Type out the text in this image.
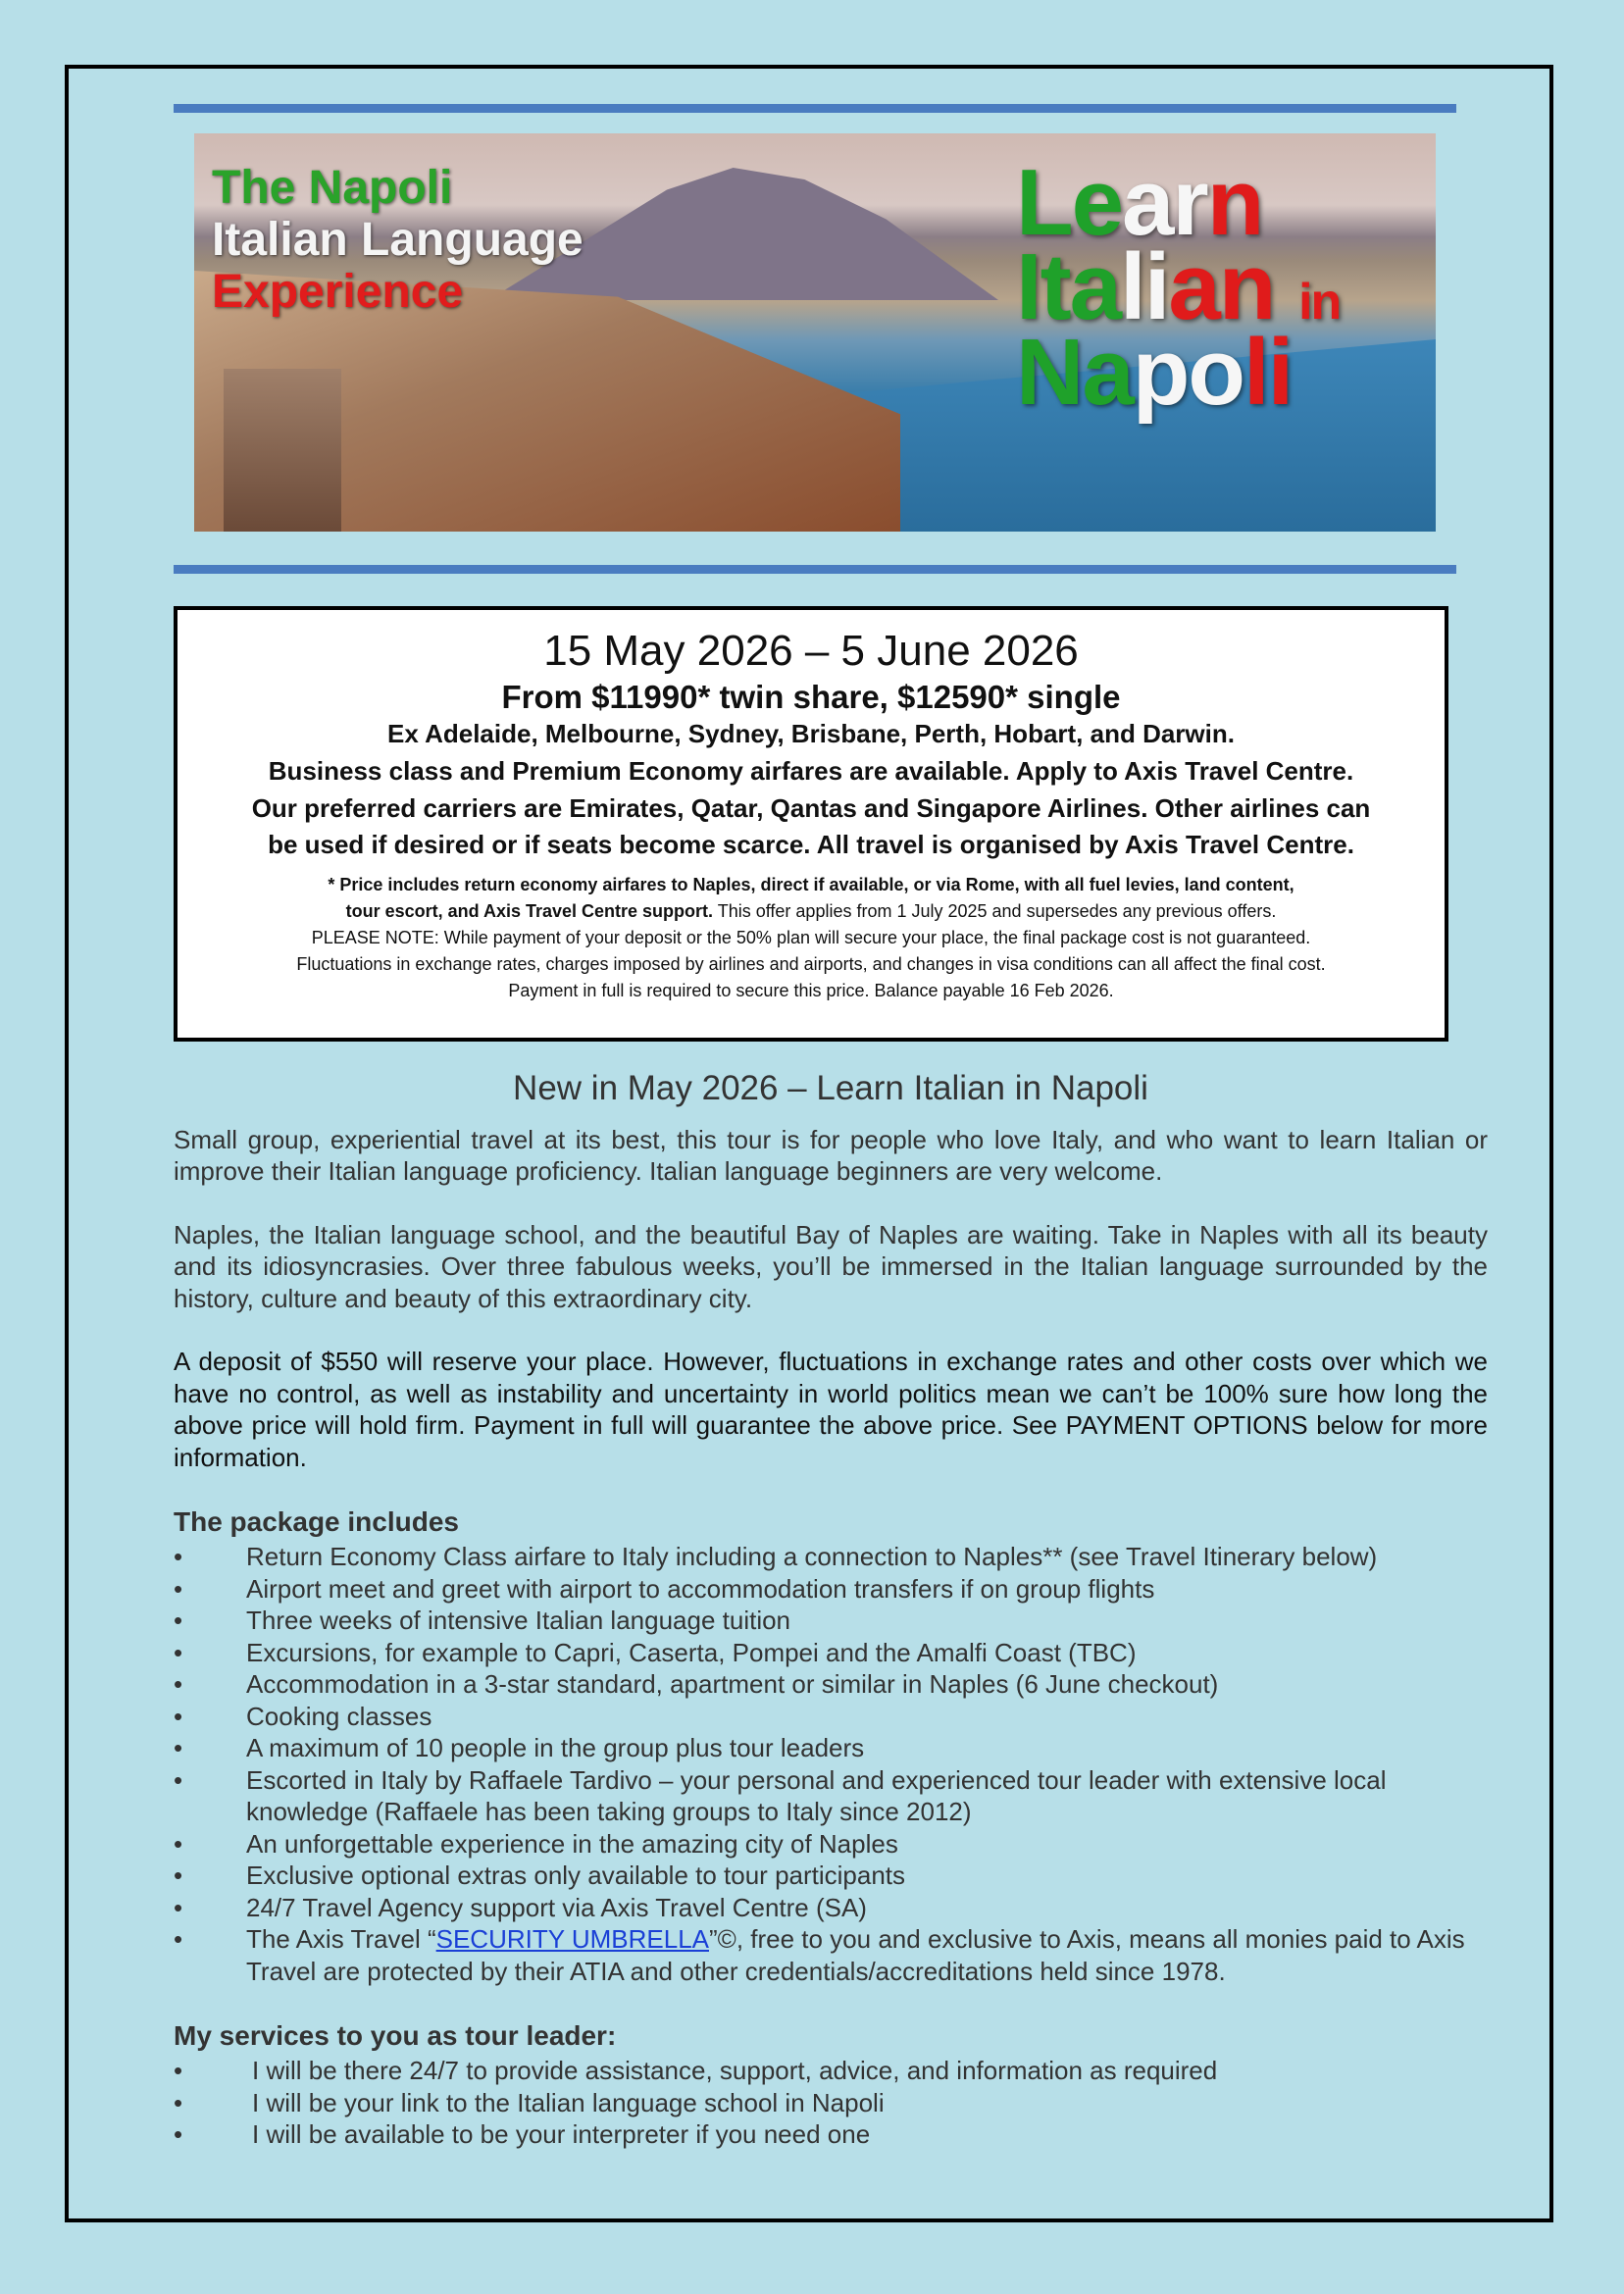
The Napoli
Italian Language
Experience
Learn
Italian in
Napoli
15 May 2026 – 5 June 2026
From $11990* twin share, $12590* single
Ex Adelaide, Melbourne, Sydney, Brisbane, Perth, Hobart, and Darwin.
Business class and Premium Economy airfares are available. Apply to Axis Travel Centre.
Our preferred carriers are Emirates, Qatar, Qantas and Singapore Airlines. Other airlines can
be used if desired or if seats become scarce. All travel is organised by Axis Travel Centre.
* Price includes return economy airfares to Naples, direct if available, or via Rome, with all fuel levies, land content,
tour escort, and Axis Travel Centre support. This offer applies from 1 July 2025 and supersedes any previous offers.
PLEASE NOTE: While payment of your deposit or the 50% plan will secure your place, the final package cost is not guaranteed.
Fluctuations in exchange rates, charges imposed by airlines and airports, and changes in visa conditions can all affect the final cost.
Payment in full is required to secure this price. Balance payable 16 Feb 2026.
New in May 2026 – Learn Italian in Napoli

Small group, experiential travel at its best, this tour is for people who love Italy, and who want to learn Italian or improve their Italian language proficiency. Italian language beginners are very welcome.

Naples, the Italian language school, and the beautiful Bay of Naples are waiting. Take in Naples with all its beauty and its idiosyncrasies. Over three fabulous weeks, you’ll be immersed in the Italian language surrounded by the history, culture and beauty of this extraordinary city.

A deposit of $550 will reserve your place. However, fluctuations in exchange rates and other costs over which we have no control, as well as instability and uncertainty in world politics mean we can’t be 100% sure how long the above price will hold firm. Payment in full will guarantee the above price. See PAYMENT OPTIONS below for more information.

The package includes
• Return Economy Class airfare to Italy including a connection to Naples** (see Travel Itinerary below)
• Airport meet and greet with airport to accommodation transfers if on group flights
• Three weeks of intensive Italian language tuition
• Excursions, for example to Capri, Caserta, Pompei and the Amalfi Coast (TBC)
• Accommodation in a 3-star standard, apartment or similar in Naples (6 June checkout)
• Cooking classes
• A maximum of 10 people in the group plus tour leaders
• Escorted in Italy by Raffaele Tardivo – your personal and experienced tour leader with extensive local knowledge (Raffaele has been taking groups to Italy since 2012)
• An unforgettable experience in the amazing city of Naples
• Exclusive optional extras only available to tour participants
• 24/7 Travel Agency support via Axis Travel Centre (SA)
• The Axis Travel “SECURITY UMBRELLA”©, free to you and exclusive to Axis, means all monies paid to Axis Travel are protected by their ATIA and other credentials/accreditations held since 1978.
My services to you as tour leader:
• I will be there 24/7 to provide assistance, support, advice, and information as required
• I will be your link to the Italian language school in Napoli
• I will be available to be your interpreter if you need one
